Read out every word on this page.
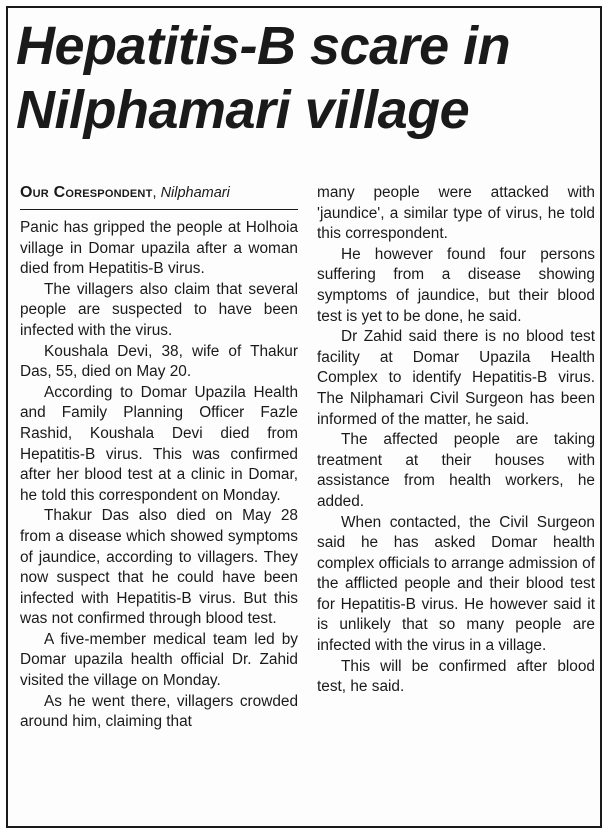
Hepatitis-B scare in Nilphamari village
Our Corespondent, Nilphamari

Panic has gripped the people at Holhoia village in Domar upazila after a woman died from Hepatitis-B virus.

The villagers also claim that several people are suspected to have been infected with the virus.

Koushala Devi, 38, wife of Thakur Das, 55, died on May 20.

According to Domar Upazila Health and Family Planning Officer Fazle Rashid, Koushala Devi died from Hepatitis-B virus. This was confirmed after her blood test at a clinic in Domar, he told this correspondent on Monday.

Thakur Das also died on May 28 from a disease which showed symptoms of jaundice, according to villagers. They now suspect that he could have been infected with Hepatitis-B virus. But this was not confirmed through blood test.

A five-member medical team led by Domar upazila health official Dr. Zahid visited the village on Monday.

As he went there, villagers crowded around him, claiming that

many people were attacked with 'jaundice', a similar type of virus, he told this correspondent.

He however found four persons suffering from a disease showing symptoms of jaundice, but their blood test is yet to be done, he said.

Dr Zahid said there is no blood test facility at Domar Upazila Health Complex to identify Hepatitis-B virus. The Nilphamari Civil Surgeon has been informed of the matter, he said.

The affected people are taking treatment at their houses with assistance from health workers, he added.

When contacted, the Civil Surgeon said he has asked Domar health complex officials to arrange admission of the afflicted people and their blood test for Hepatitis-B virus. He however said it is unlikely that so many people are infected with the virus in a village.

This will be confirmed after blood test, he said.
